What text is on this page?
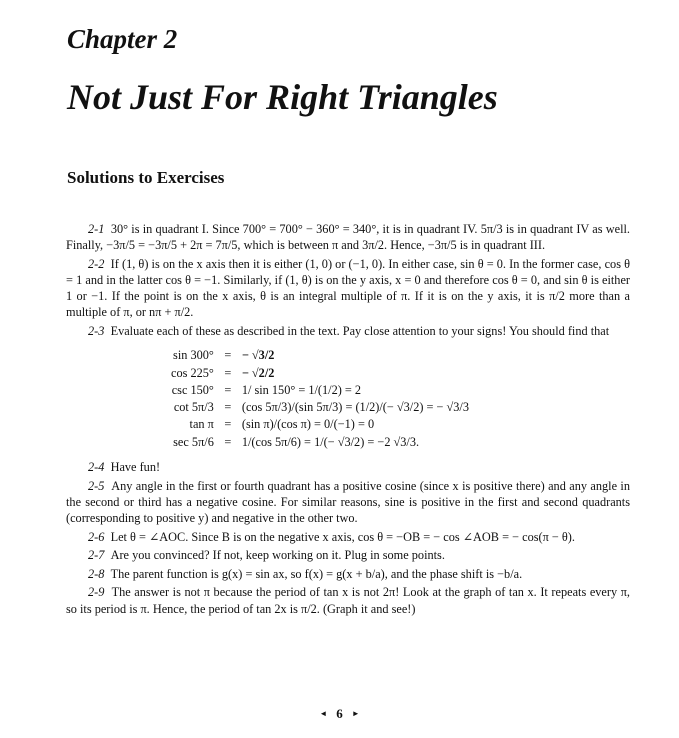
Chapter 2
Not Just For Right Triangles
Solutions to Exercises

2-1 30° is in quadrant I. Since 700° = 700° − 360° = 340°, it is in quadrant IV. 5π/3 is in quadrant IV as well. Finally, −3π/5 = −3π/5 + 2π = 7π/5, which is between π and 3π/2. Hence, −3π/5 is in quadrant III.

2-2 If (1, θ) is on the x axis then it is either (1, 0) or (−1, 0). In either case, sin θ = 0. In the former case, cos θ = 1 and in the latter cos θ = −1. Similarly, if (1, θ) is on the y axis, x = 0 and therefore cos θ = 0, and sin θ is either 1 or −1. If the point is on the x axis, θ is an integral multiple of π. If it is on the y axis, it is π/2 more than a multiple of π, or nπ + π/2.

2-3 Evaluate each of these as described in the text. Pay close attention to your signs! You should find that

sin 300°	=	− √3/2
cos 225°	=	− √2/2
csc 150°	=	1/ sin 150° = 1/(1/2) = 2
cot 5π/3	=	(cos 5π/3)/(sin 5π/3) = (1/2)/(− √3/2) = − √3/3
tan π	=	(sin π)/(cos π) = 0/(−1) = 0
sec 5π/6	=	1/(cos 5π/6) = 1/(− √3/2) = −2 √3/3.

2-4 Have fun!

2-5 Any angle in the first or fourth quadrant has a positive cosine (since x is positive there) and any angle in the second or third has a negative cosine. For similar reasons, sine is positive in the first and second quadrants (corresponding to positive y) and negative in the other two.

2-6 Let θ = ∠AOC. Since B is on the negative x axis, cos θ = −OB = − cos ∠AOB = − cos(π − θ).

2-7 Are you convinced? If not, keep working on it. Plug in some points.

2-8 The parent function is g(x) = sin ax, so f(x) = g(x + b/a), and the phase shift is −b/a.

2-9 The answer is not π because the period of tan x is not 2π! Look at the graph of tan x. It repeats every π, so its period is π. Hence, the period of tan 2x is π/2. (Graph it and see!)

◄ 6 ►
